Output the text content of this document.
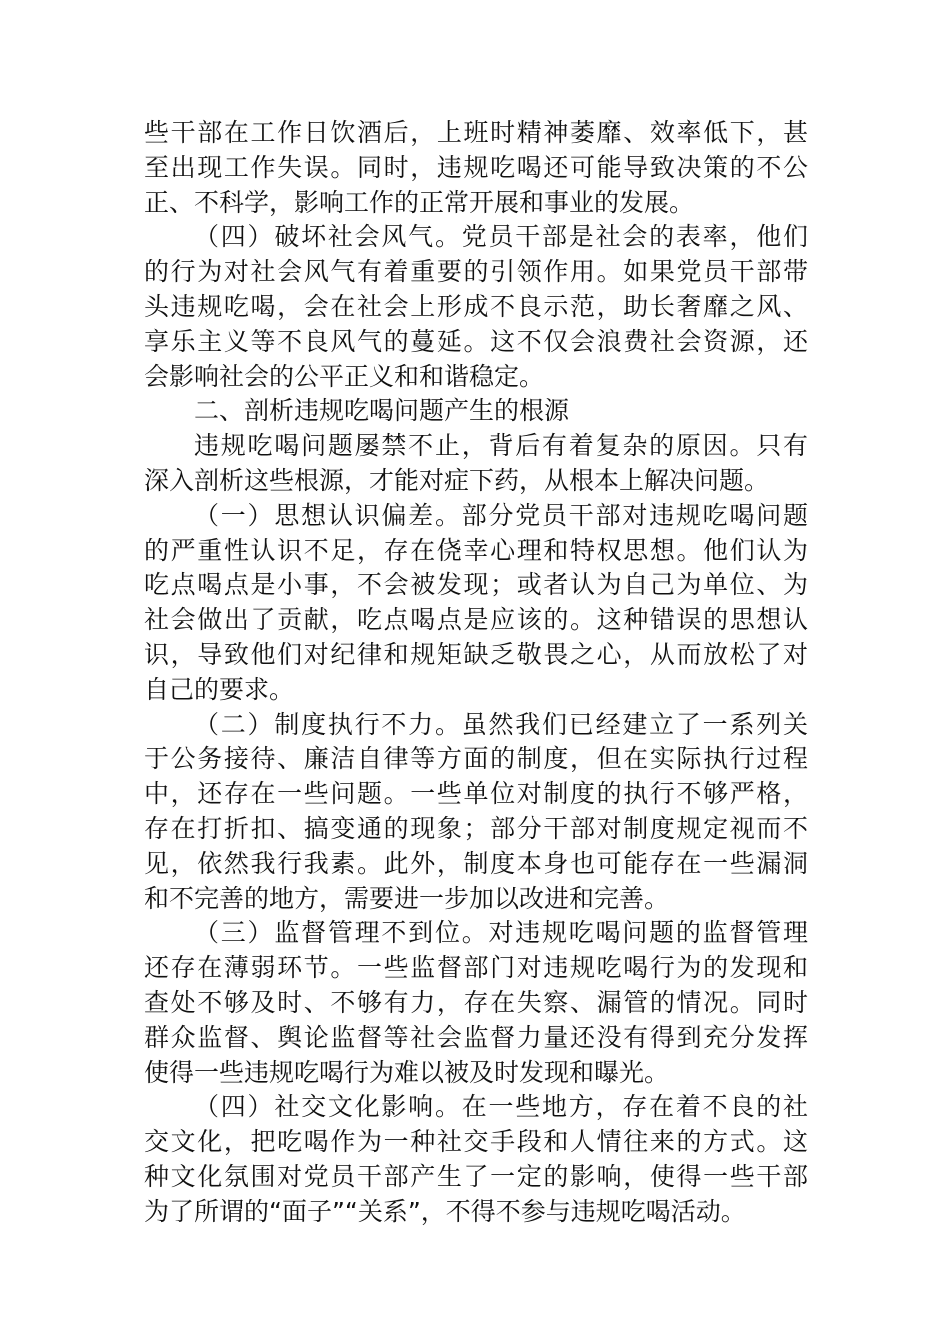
些干部在工作日饮酒后，上班时精神萎靡、效率低下，甚
至出现工作失误。同时，违规吃喝还可能导致决策的不公
正、不科学，影响工作的正常开展和事业的发展。
（四）破坏社会风气。党员干部是社会的表率，他们
的行为对社会风气有着重要的引领作用。如果党员干部带
头违规吃喝，会在社会上形成不良示范，助长奢靡之风、
享乐主义等不良风气的蔓延。这不仅会浪费社会资源，还
会影响社会的公平正义和和谐稳定。
二、剖析违规吃喝问题产生的根源
违规吃喝问题屡禁不止，背后有着复杂的原因。只有
深入剖析这些根源，才能对症下药，从根本上解决问题。
（一）思想认识偏差。部分党员干部对违规吃喝问题
的严重性认识不足，存在侥幸心理和特权思想。他们认为
吃点喝点是小事，不会被发现；或者认为自己为单位、为
社会做出了贡献，吃点喝点是应该的。这种错误的思想认
识，导致他们对纪律和规矩缺乏敬畏之心，从而放松了对
自己的要求。
（二）制度执行不力。虽然我们已经建立了一系列关
于公务接待、廉洁自律等方面的制度，但在实际执行过程
中，还存在一些问题。一些单位对制度的执行不够严格，
存在打折扣、搞变通的现象；部分干部对制度规定视而不
见，依然我行我素。此外，制度本身也可能存在一些漏洞
和不完善的地方，需要进一步加以改进和完善。
（三）监督管理不到位。对违规吃喝问题的监督管理
还存在薄弱环节。一些监督部门对违规吃喝行为的发现和
查处不够及时、不够有力，存在失察、漏管的情况。同时
群众监督、舆论监督等社会监督力量还没有得到充分发挥
使得一些违规吃喝行为难以被及时发现和曝光。
（四）社交文化影响。在一些地方，存在着不良的社
交文化，把吃喝作为一种社交手段和人情往来的方式。这
种文化氛围对党员干部产生了一定的影响，使得一些干部
为了所谓的“面子”“关系”，不得不参与违规吃喝活动。
